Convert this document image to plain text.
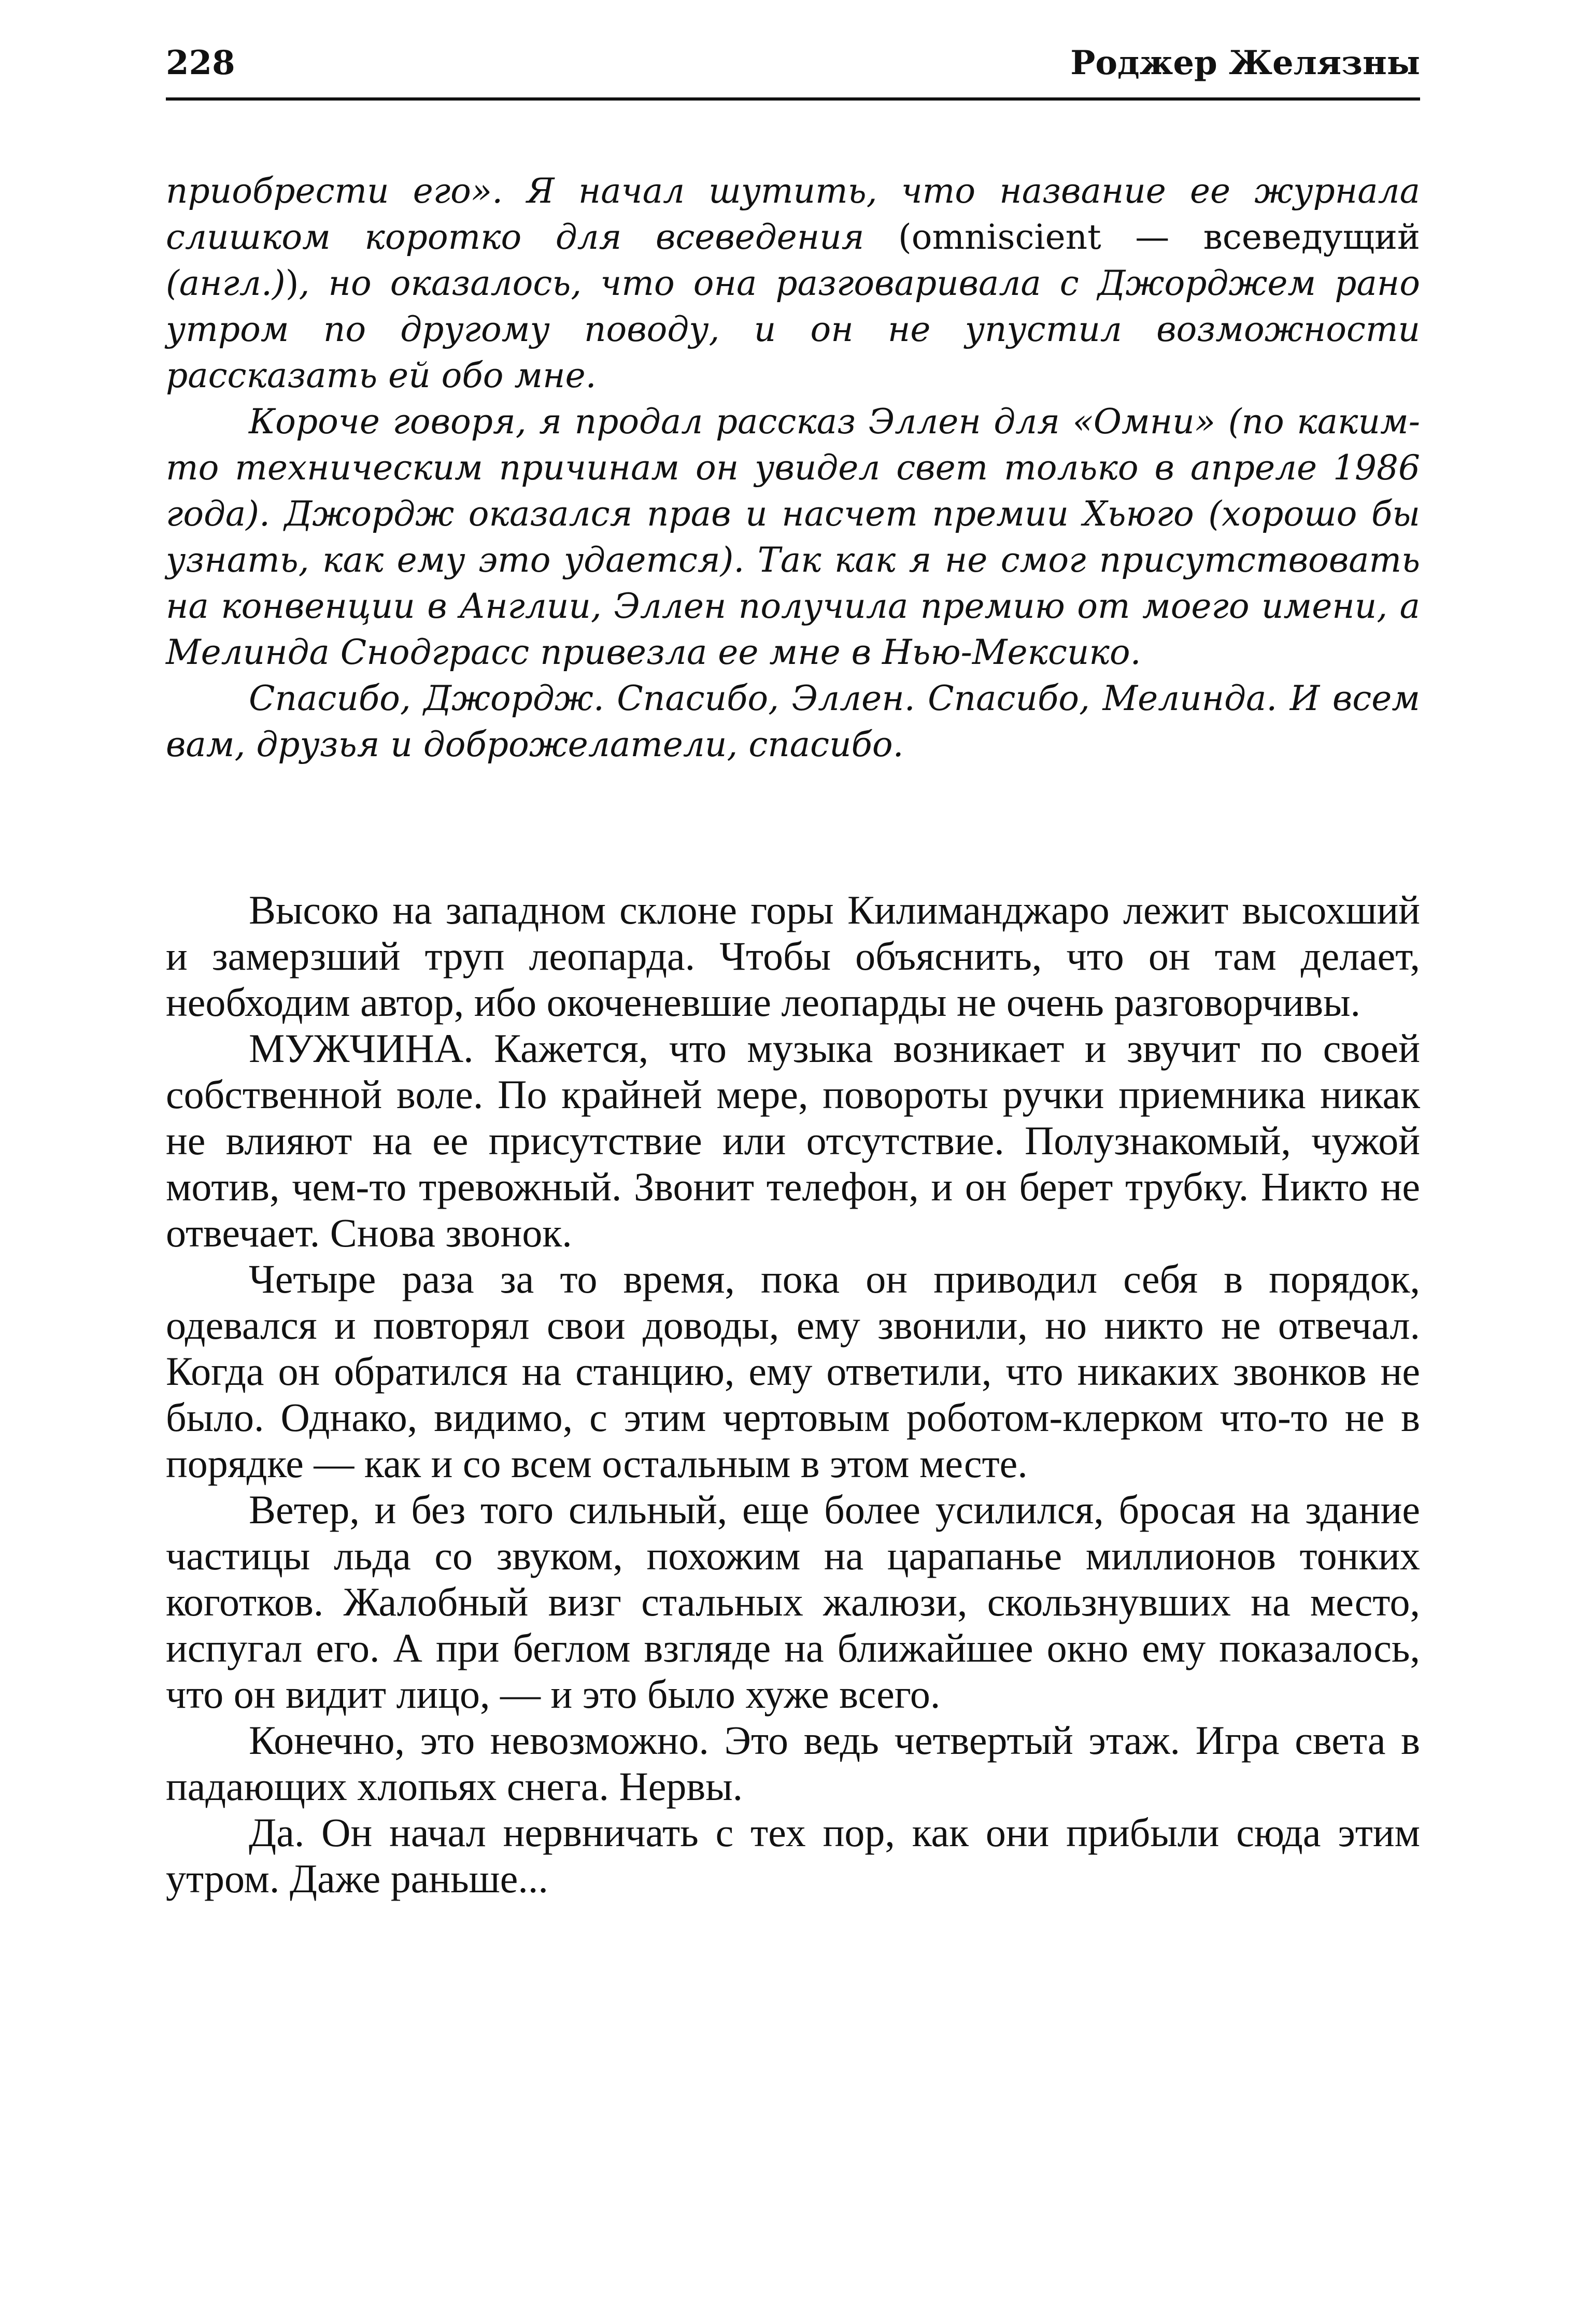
228	Роджер Желязны

приобрести его». Я начал шутить, что название ее журнала слишком коротко для всеведения (omniscient — всеведущий (англ.)), но оказалось, что она разговаривала с Джорджем рано утром по другому поводу, и он не упустил возможности рассказать ей обо мне.

Короче говоря, я продал рассказ Эллен для «Омни» (по каким-то техническим причинам он увидел свет только в апреле 1986 года). Джордж оказался прав и насчет премии Хьюго (хорошо бы узнать, как ему это удается). Так как я не смог присутствовать на конвенции в Англии, Эллен получила премию от моего имени, а Мелинда Снодграсс привезла ее мне в Нью-Мексико.

Спасибо, Джордж. Спасибо, Эллен. Спасибо, Мелинда. И всем вам, друзья и доброжелатели, спасибо.

Высоко на западном склоне горы Килиманджаро лежит высохший и замерзший труп леопарда. Чтобы объяснить, что он там делает, необходим автор, ибо окоченевшие леопарды не очень разговорчивы.

МУЖЧИНА. Кажется, что музыка возникает и звучит по своей собственной воле. По крайней мере, повороты ручки приемника никак не влияют на ее присутствие или отсутствие. Полузнакомый, чужой мотив, чем-то тревожный. Звонит телефон, и он берет трубку. Никто не отвечает. Снова звонок.

Четыре раза за то время, пока он приводил себя в порядок, одевался и повторял свои доводы, ему звонили, но никто не отвечал. Когда он обратился на станцию, ему ответили, что никаких звонков не было. Однако, видимо, с этим чертовым роботом-клерком что-то не в порядке — как и со всем остальным в этом месте.

Ветер, и без того сильный, еще более усилился, бросая на здание частицы льда со звуком, похожим на царапанье миллионов тонких коготков. Жалобный визг стальных жалюзи, скользнувших на место, испугал его. А при беглом взгляде на ближайшее окно ему показалось, что он видит лицо, — и это было хуже всего.

Конечно, это невозможно. Это ведь четвертый этаж. Игра света в падающих хлопьях снега. Нервы.

Да. Он начал нервничать с тех пор, как они прибыли сюда этим утром. Даже раньше...
